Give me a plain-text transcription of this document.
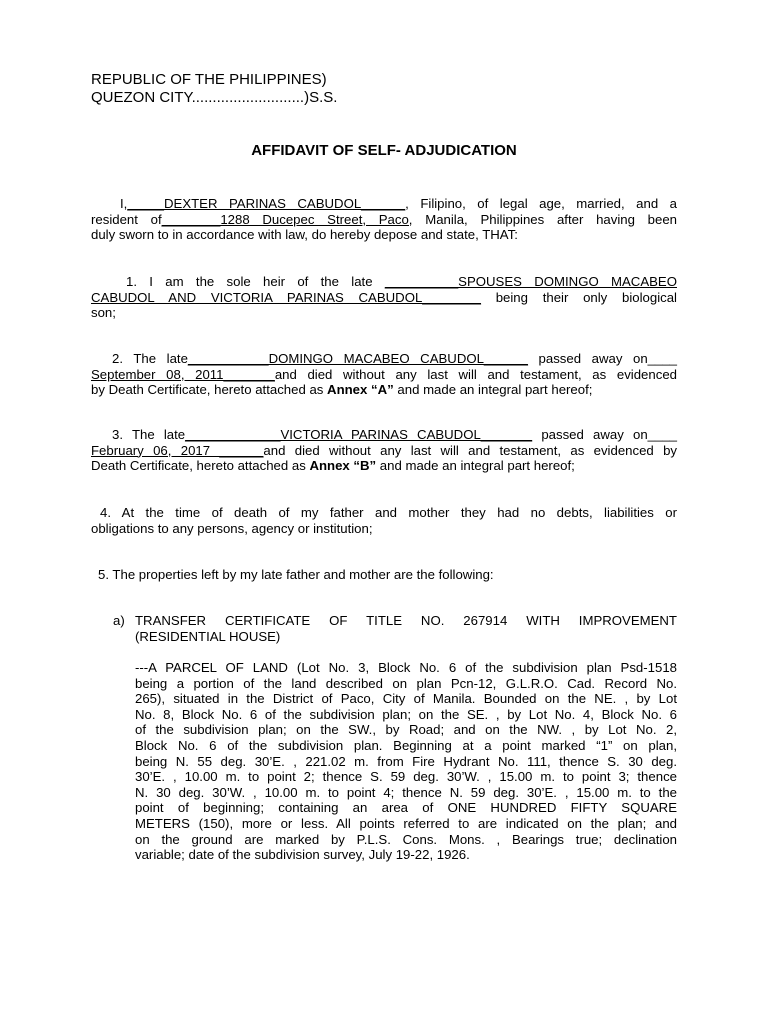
REPUBLIC OF THE PHILIPPINES)
QUEZON CITY...........................)S.S.
AFFIDAVIT OF SELF- ADJUDICATION
I,_____DEXTER PARINAS CABUDOL______, Filipino, of legal age, married, and a
resident of________1288 Ducepec Street, Paco, Manila, Philippines after having been
duly sworn to in accordance with law, do hereby depose and state, THAT:
1. I am the sole heir of the late __________SPOUSES DOMINGO MACABEO
CABUDOL AND VICTORIA PARINAS CABUDOL________ being their only biological
son;
2. The late___________DOMINGO MACABEO CABUDOL______ passed away on____
September 08, 2011_______and died without any last will and testament, as evidenced
by Death Certificate, hereto attached as Annex “A” and made an integral part hereof;
3. The late_____________VICTORIA PARINAS CABUDOL_______ passed away on____
February 06, 2017 ______and died without any last will and testament, as evidenced by
Death Certificate, hereto attached as Annex “B” and made an integral part hereof;
4. At the time of death of my father and mother they had no debts, liabilities or
obligations to any persons, agency or institution;
5. The properties left by my late father and mother are the following:
a) TRANSFER CERTIFICATE OF TITLE NO. 267914 WITH IMPROVEMENT
(RESIDENTIAL HOUSE)
---A PARCEL OF LAND (Lot No. 3, Block No. 6 of the subdivision plan Psd-1518
being a portion of the land described on plan Pcn-12, G.L.R.O. Cad. Record No.
265), situated in the District of Paco, City of Manila. Bounded on the NE. , by Lot
No. 8, Block No. 6 of the subdivision plan; on the SE. , by Lot No. 4, Block No. 6
of the subdivision plan; on the SW., by Road; and on the NW. , by Lot No. 2,
Block No. 6 of the subdivision plan. Beginning at a point marked “1” on plan,
being N. 55 deg. 30’E. , 221.02 m. from Fire Hydrant No. 111, thence S. 30 deg.
30’E. , 10.00 m. to point 2; thence S. 59 deg. 30’W. , 15.00 m. to point 3; thence
N. 30 deg. 30’W. , 10.00 m. to point 4; thence N. 59 deg. 30’E. , 15.00 m. to the
point of beginning; containing an area of ONE HUNDRED FIFTY SQUARE
METERS (150), more or less. All points referred to are indicated on the plan; and
on the ground are marked by P.L.S. Cons. Mons. , Bearings true; declination
variable; date of the subdivision survey, July 19-22, 1926.
